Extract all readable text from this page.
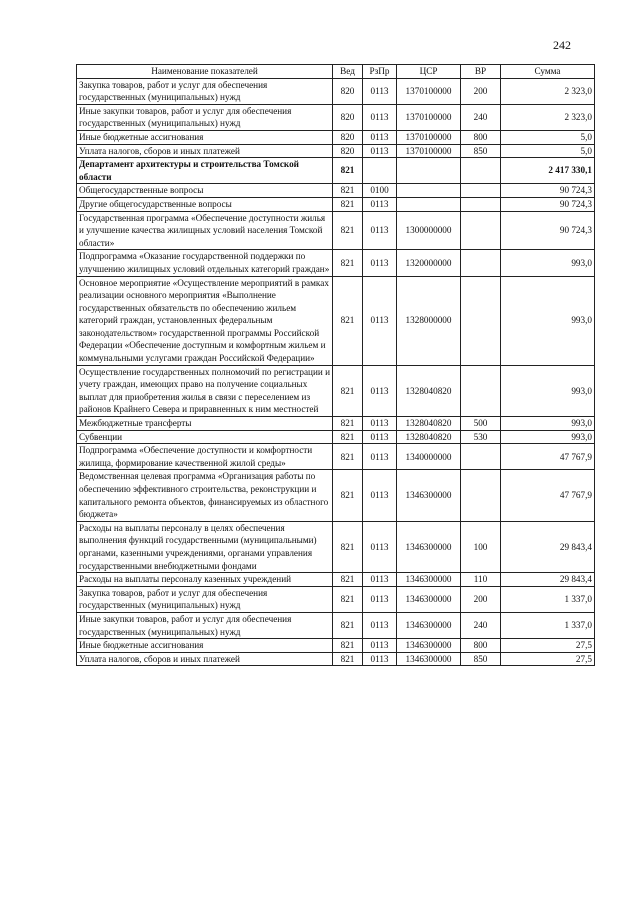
242
Наименование показателей	Вед	РзПр	ЦСР	ВР	Сумма
Закупка товаров, работ и услуг для обеспечения государственных (муниципальных) нужд	820	0113	1370100000	200	2 323,0
Иные закупки товаров, работ и услуг для обеспечения государственных (муниципальных) нужд	820	0113	1370100000	240	2 323,0
Иные бюджетные ассигнования	820	0113	1370100000	800	5,0
Уплата налогов, сборов и иных платежей	820	0113	1370100000	850	5,0
Департамент архитектуры и строительства Томской области	821				2 417 330,1
Общегосударственные вопросы	821	0100			90 724,3
Другие общегосударственные вопросы	821	0113			90 724,3
Государственная программа «Обеспечение доступности жилья и улучшение качества жилищных условий населения Томской области»	821	0113	1300000000		90 724,3
Подпрограмма «Оказание государственной поддержки по улучшению жилищных условий отдельных категорий граждан»	821	0113	1320000000		993,0
Основное мероприятие «Осуществление мероприятий в рамках реализации основного мероприятия «Выполнение государственных обязательств по обеспечению жильем категорий граждан, установленных федеральным законодательством» государственной программы Российской Федерации «Обеспечение доступным и комфортным жильем и коммунальными услугами граждан Российской Федерации»	821	0113	1328000000		993,0
Осуществление государственных полномочий по регистрации и учету граждан, имеющих право на получение социальных выплат для приобретения жилья в связи с переселением из районов Крайнего Севера и приравненных к ним местностей	821	0113	1328040820		993,0
Межбюджетные трансферты	821	0113	1328040820	500	993,0
Субвенции	821	0113	1328040820	530	993,0
Подпрограмма «Обеспечение доступности и комфортности жилища, формирование качественной жилой среды»	821	0113	1340000000		47 767,9
Ведомственная целевая программа «Организация работы по обеспечению эффективного строительства, реконструкции и капитального ремонта объектов, финансируемых из областного бюджета»	821	0113	1346300000		47 767,9
Расходы на выплаты персоналу в целях обеспечения выполнения функций государственными (муниципальными) органами, казенными учреждениями, органами управления государственными внебюджетными фондами	821	0113	1346300000	100	29 843,4
Расходы на выплаты персоналу казенных учреждений	821	0113	1346300000	110	29 843,4
Закупка товаров, работ и услуг для обеспечения государственных (муниципальных) нужд	821	0113	1346300000	200	1 337,0
Иные закупки товаров, работ и услуг для обеспечения государственных (муниципальных) нужд	821	0113	1346300000	240	1 337,0
Иные бюджетные ассигнования	821	0113	1346300000	800	27,5
Уплата налогов, сборов и иных платежей	821	0113	1346300000	850	27,5
